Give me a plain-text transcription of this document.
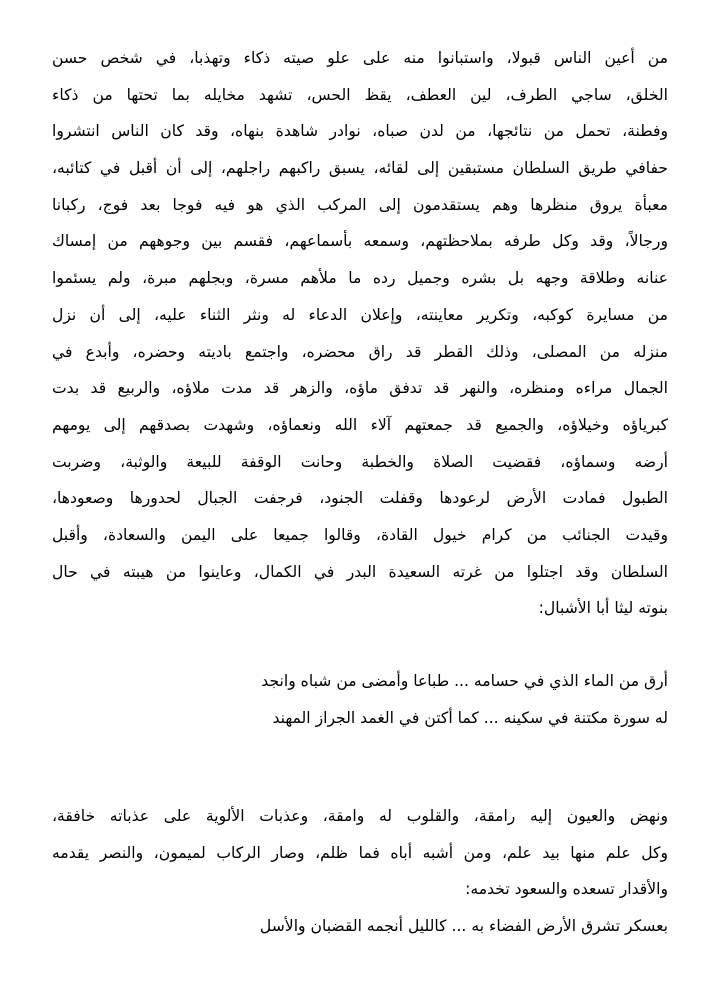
من أعين الناس قبولا، واستبانوا منه على علو صيته ذكاء وتهذبا، في شخص حسن
الخلق، ساجي الطرف، لين العطف، يقظ الحس، تشهد مخايله بما تحتها من ذكاء
وفطنة، تحمل من نتائجها، من لدن صباه، نوادر شاهدة بنهاه، وقد كان الناس انتشروا
حفافي طريق السلطان مستبقين إلى لقائه، يسبق راكبهم راجلهم، إلى أن أقبل في كتائبه،
معبأة يروق منظرها وهم يستقدمون إلى المركب الذي هو فيه فوجا بعد فوج، ركبانا
ورجالاً، وقد وكل طرفه بملاحظتهم، وسمعه بأسماعهم، فقسم بين وجوههم من إمساك
عنانه وطلاقة وجهه بل بشره وجميل رده ما ملأهم مسرة، وبجلهم مبرة، ولم يسئموا
من مسايرة كوكبه، وتكرير معاينته، وإعلان الدعاء له ونثر الثناء عليه، إلى أن نزل
منزله من المصلى، وذلك القطر قد راق محضره، واجتمع باديته وحضره، وأبدع في
الجمال مراءه ومنظره، والنهر قد تدفق ماؤه، والزهر قد مدت ملاؤه، والربيع قد بدت
كبرياؤه وخيلاؤه، والجميع قد جمعتهم آلاء الله ونعماؤه، وشهدت بصدقهم إلى يومهم
أرضه وسماؤه، فقضيت الصلاة والخطبة وحانت الوقفة للبيعة والوثبة، وضربت
الطبول فمادت الأرض لرعودها وقفلت الجنود، فرجفت الجبال لحدورها وصعودها،
وقيدت الجنائب من كرام خيول القادة، وقالوا جميعا على اليمن والسعادة، وأقبل
السلطان وقد اجتلوا من غرته السعيدة البدر في الكمال، وعاينوا من هيبته في حال
بنوته ليثا أبا الأشبال:
أرق من الماء الذي في حسامه ... طباعا وأمضى من شباه وانجد
له سورة مكتنة في سكينه ... كما أكتن في الغمد الجراز المهند
ونهض والعيون إليه رامقة، والقلوب له وامقة، وعذبات الألوية على عذباته خافقة،
وكل علم منها بيد علم، ومن أشبه أباه فما ظلم، وصار الركاب لميمون، والنصر يقدمه
والأقدار تسعده والسعود تخدمه:
بعسكر تشرق الأرض الفضاء به ... كالليل أنجمه القضبان والأسل
